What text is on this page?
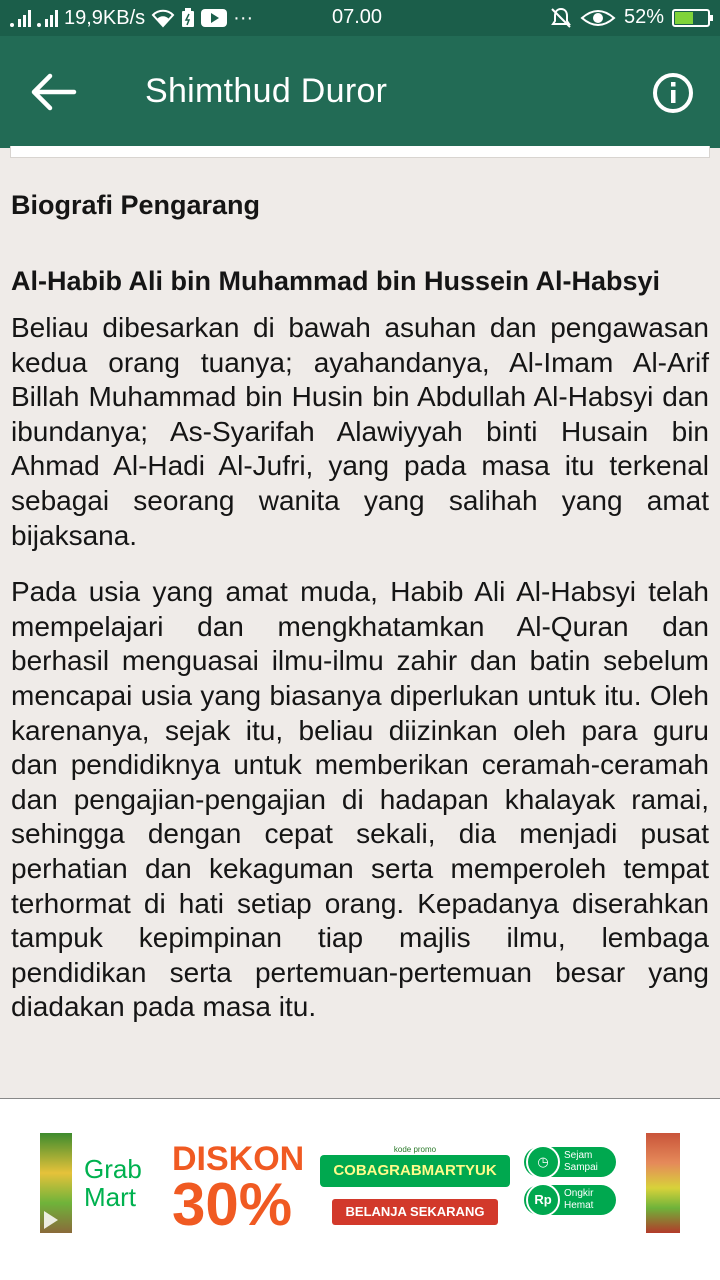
19,9KB/s	···	07.00	52%
Shimthud Duror
Biografi Pengarang
Al-Habib Ali bin Muhammad bin Hussein Al-Habsyi

Beliau dibesarkan di bawah asuhan dan pengawasan kedua orang tuanya; ayahandanya, Al-Imam Al-Arif Billah Muhammad bin Husin bin Abdullah Al-Habsyi dan ibundanya; As-Syarifah Alawiyyah binti Husain bin Ahmad Al-Hadi Al-Jufri, yang pada masa itu terkenal sebagai seorang wanita yang salihah yang amat bijaksana.

Pada usia yang amat muda, Habib Ali Al-Habsyi telah mempelajari dan mengkhatamkan Al-Quran dan berhasil menguasai ilmu-ilmu zahir dan batin sebelum mencapai usia yang biasanya diperlukan untuk itu. Oleh karenanya, sejak itu, beliau diizinkan oleh para guru dan pendidiknya untuk memberikan ceramah-ceramah dan pengajian-pengajian di hadapan khalayak ramai, sehingga dengan cepat sekali, dia menjadi pusat perhatian dan kekaguman serta memperoleh tempat terhormat di hati setiap orang. Kepadanya diserahkan tampuk kepimpinan tiap majlis ilmu, lembaga pendidikan serta pertemuan-pertemuan besar yang diadakan pada masa itu.

Grab
Mart
DISKON
30%
kode promo
COBAGRABMARTYUK
BELANJA SEKARANG
◷	Sejam
Sampai
Rp	Ongkir
Hemat
